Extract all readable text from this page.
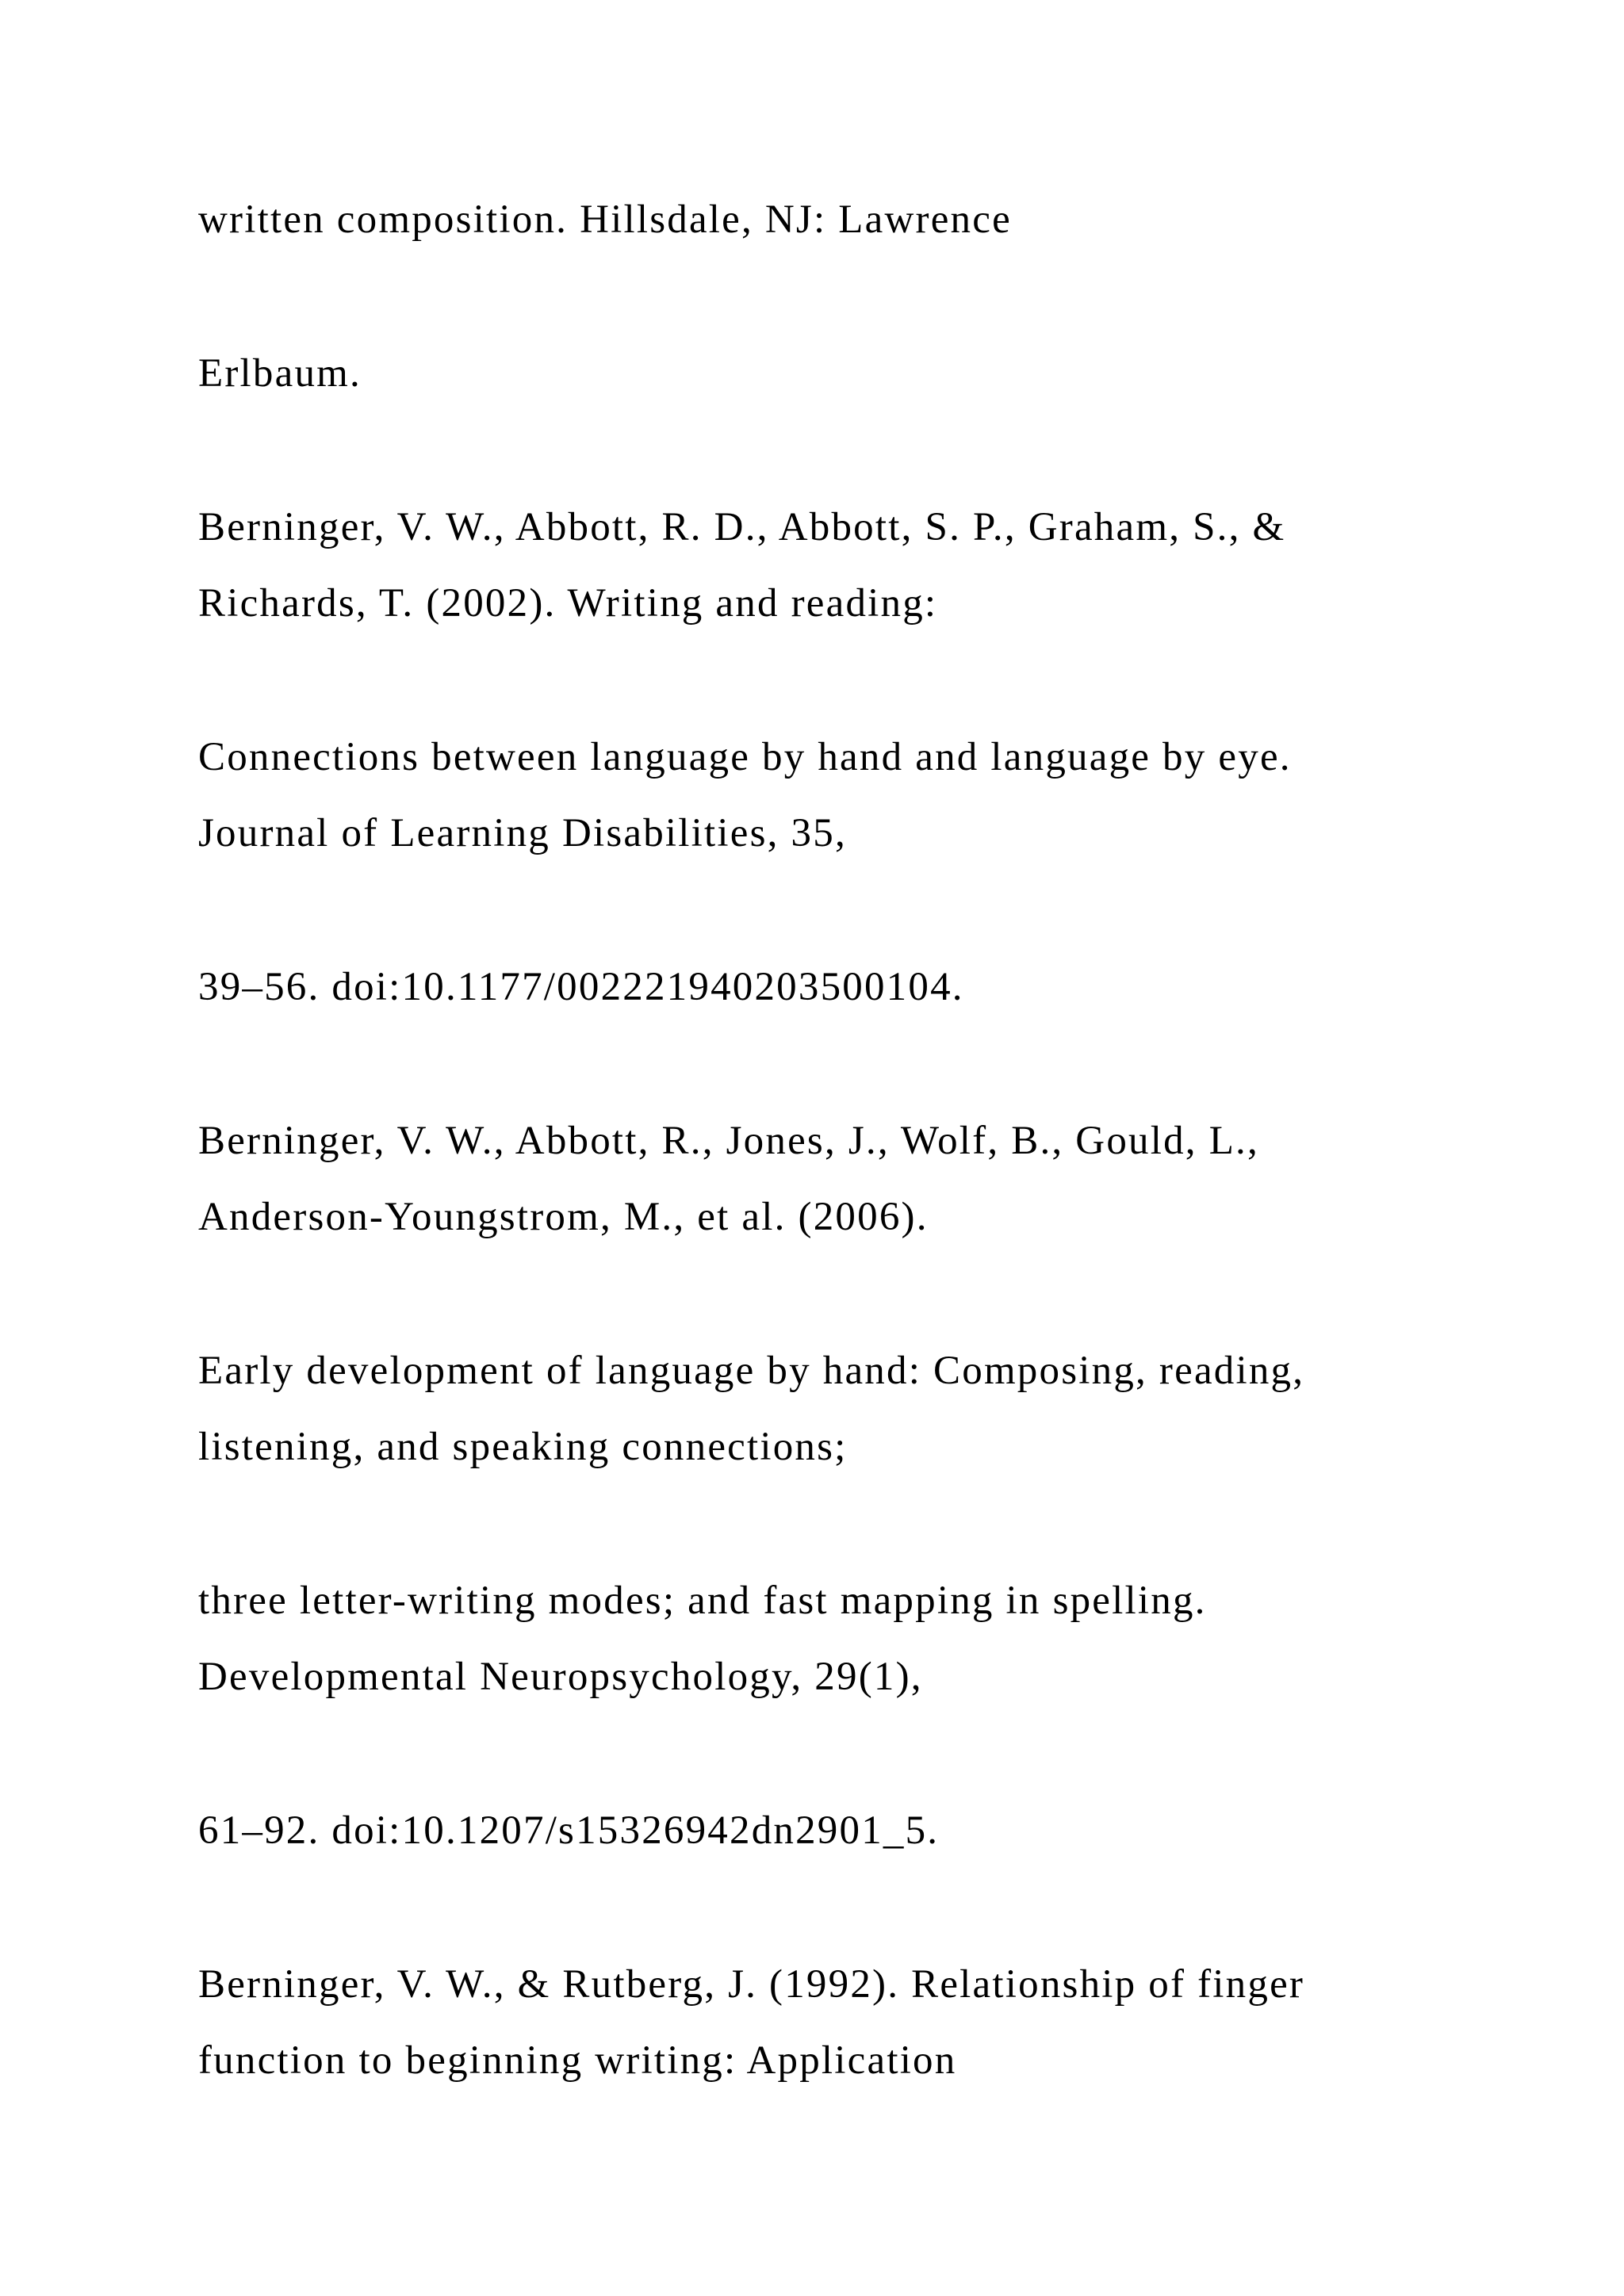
written composition. Hillsdale, NJ: Lawrence

Erlbaum.

Berninger, V. W., Abbott, R. D., Abbott, S. P., Graham, S., &

Richards, T. (2002). Writing and reading:

Connections between language by hand and language by eye.

Journal of Learning Disabilities, 35,

39–56. doi:10.1177/002221940203500104.

Berninger, V. W., Abbott, R., Jones, J., Wolf, B., Gould, L.,

Anderson-Youngstrom, M., et al. (2006).

Early development of language by hand: Composing, reading,

listening, and speaking connections;

three letter-writing modes; and fast mapping in spelling.

Developmental Neuropsychology, 29(1),

61–92. doi:10.1207/s15326942dn2901_5.

Berninger, V. W., & Rutberg, J. (1992). Relationship of finger

function to beginning writing: Application
